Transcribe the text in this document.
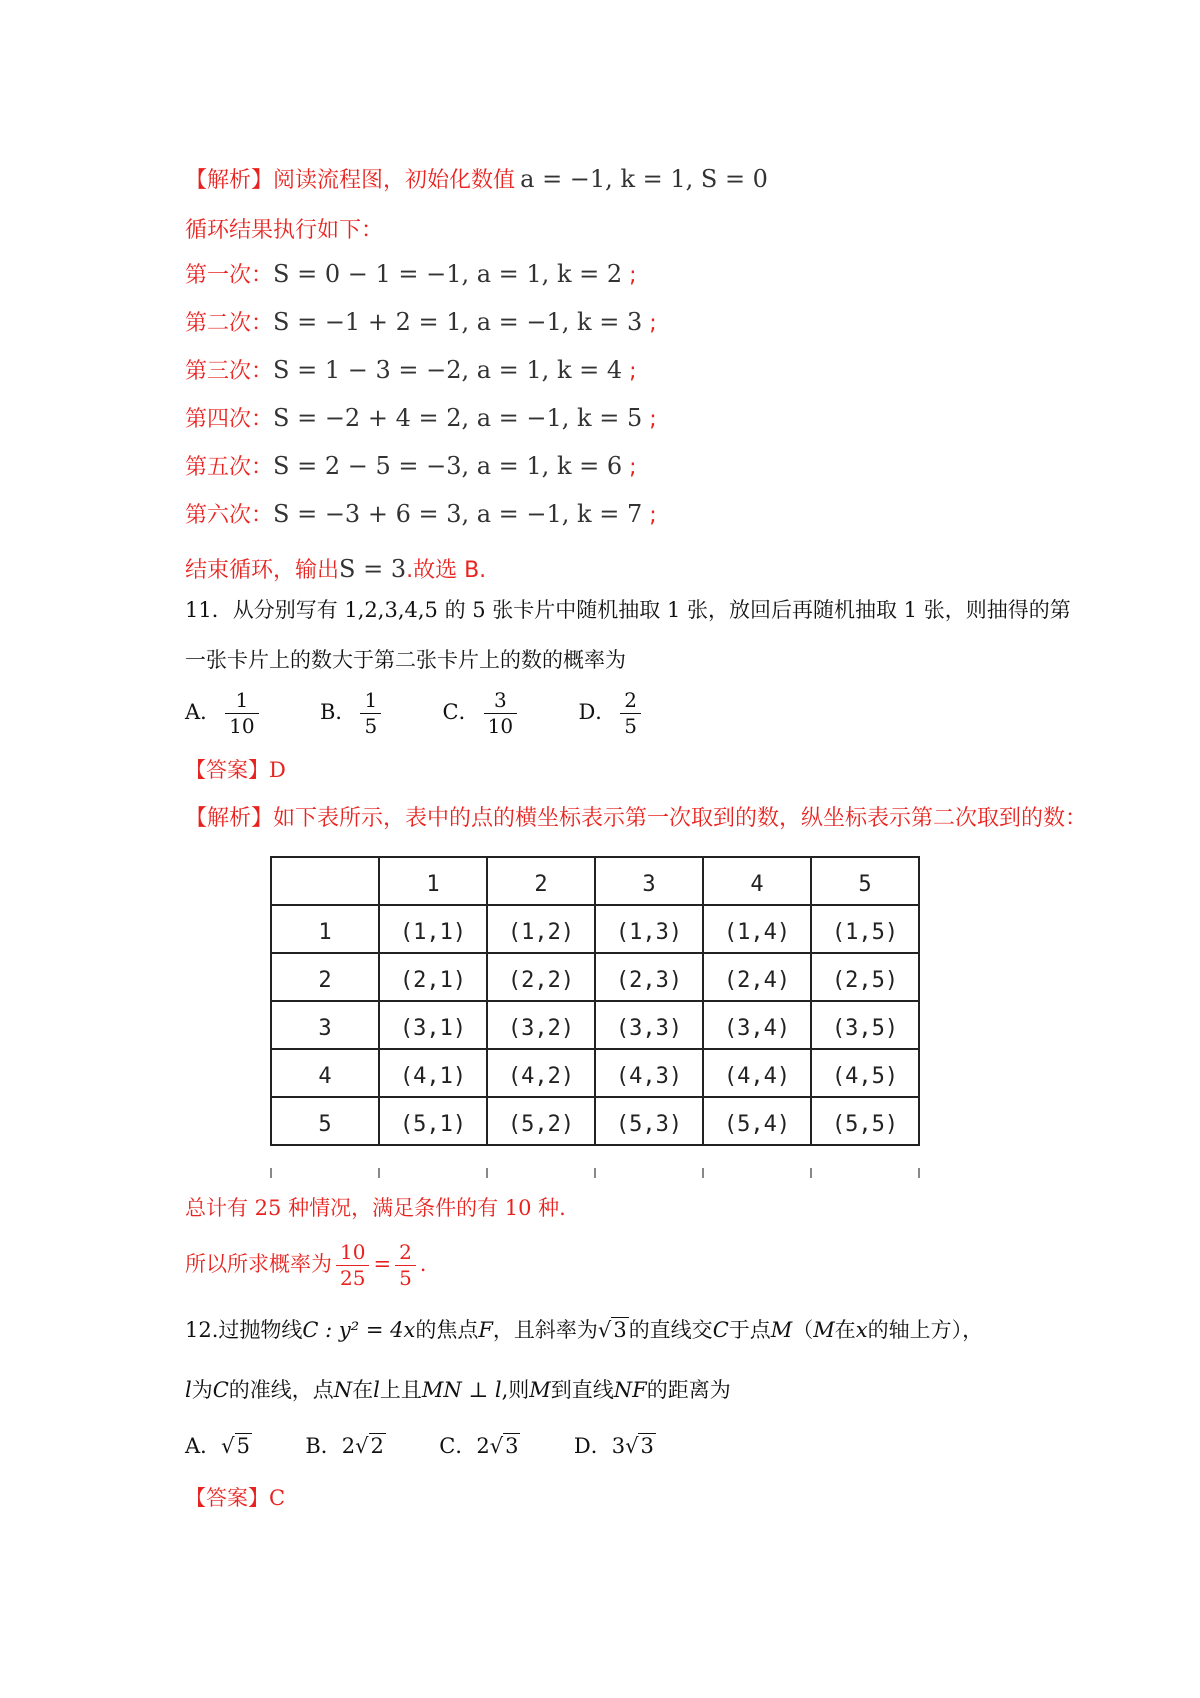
【解析】阅读流程图，初始化数值 a = −1, k = 1, S = 0
循环结果执行如下：
第一次：S = 0 − 1 = −1, a = 1, k = 2 ;
第二次：S = −1 + 2 = 1, a = −1, k = 3 ;
第三次：S = 1 − 3 = −2, a = 1, k = 4 ;
第四次：S = −2 + 4 = 2, a = −1, k = 5 ;
第五次：S = 2 − 5 = −3, a = 1, k = 6 ;
第六次：S = −3 + 6 = 3, a = −1, k = 7 ;
结束循环，输出S = 3.故选 B.
11．从分别写有 1,2,3,4,5 的 5 张卡片中随机抽取 1 张，放回后再随机抽取 1 张，则抽得的第
一张卡片上的数大于第二张卡片上的数的概率为
A． $\frac{1}{10}$	B． $\frac{1}{5}$	C． $\frac{3}{10}$	D． $\frac{2}{5}$
【答案】D
【解析】如下表所示，表中的点的横坐标表示第一次取到的数，纵坐标表示第二次取到的数：
	1	2	3	4	5
1	(1,1)	(1,2)	(1,3)	(1,4)	(1,5)
2	(2,1)	(2,2)	(2,3)	(2,4)	(2,5)
3	(3,1)	(3,2)	(3,3)	(3,4)	(3,5)
4	(4,1)	(4,2)	(4,3)	(4,4)	(4,5)
5	(5,1)	(5,2)	(5,3)	(5,4)	(5,5)
总计有 25 种情况，满足条件的有 10 种.
所以所求概率为 $\frac{10}{25} = \frac{2}{5}$ .
12.过抛物线C : y² = 4x的焦点F，且斜率为√3的直线交C于点M（M在x的轴上方），
l为C的准线，点N在l上且MN ⊥ l,则M到直线NF的距离为
A．√5	B．2√2	C．2√3	D．3√3
【答案】C
